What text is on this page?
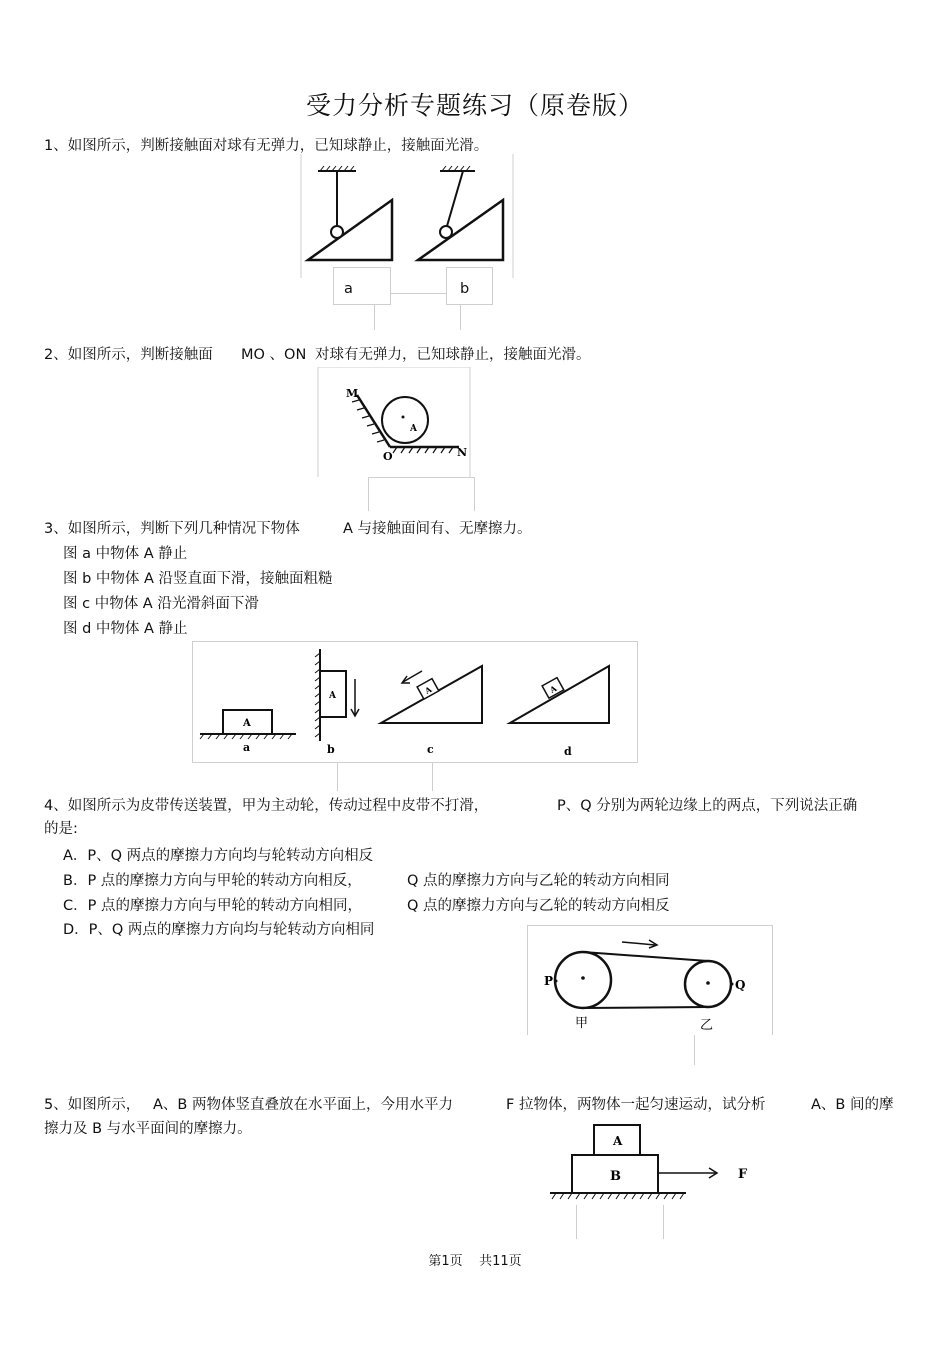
受力分析专题练习（原卷版）
1、如图所示，判断接触面对球有无弹力，已知球静止，接触面光滑。
a	b
2、如图所示，判断接触面 MO 、ON 对球有无弹力，已知球静止，接触面光滑。
M
O	N
A
3、如图所示，判断下列几种情况下物体	A 与接触面间有、无摩擦力。
图 a 中物体 A 静止
图 b 中物体 A 沿竖直面下滑，接触面粗糙
图 c 中物体 A 沿光滑斜面下滑
图 d 中物体 A 静止
A
a
A
b
A
c
A
d
4、如图所示为皮带传送装置，甲为主动轮，传动过程中皮带不打滑，	P、Q 分别为两轮边缘上的两点，下列说法正确
的是:
A．P、Q 两点的摩擦力方向均与轮转动方向相反
B．P 点的摩擦力方向与甲轮的转动方向相反，	Q 点的摩擦力方向与乙轮的转动方向相同
C．P 点的摩擦力方向与甲轮的转动方向相同，	Q 点的摩擦力方向与乙轮的转动方向相反
D．P、Q 两点的摩擦力方向均与轮转动方向相同
P	Q
甲	乙
5、如图所示， A、B 两物体竖直叠放在水平面上，今用水平力	F 拉物体，两物体一起匀速运动，试分析	A、B 间的摩
擦力及 B 与水平面间的摩擦力。
A
B	F
第1页    共11页
